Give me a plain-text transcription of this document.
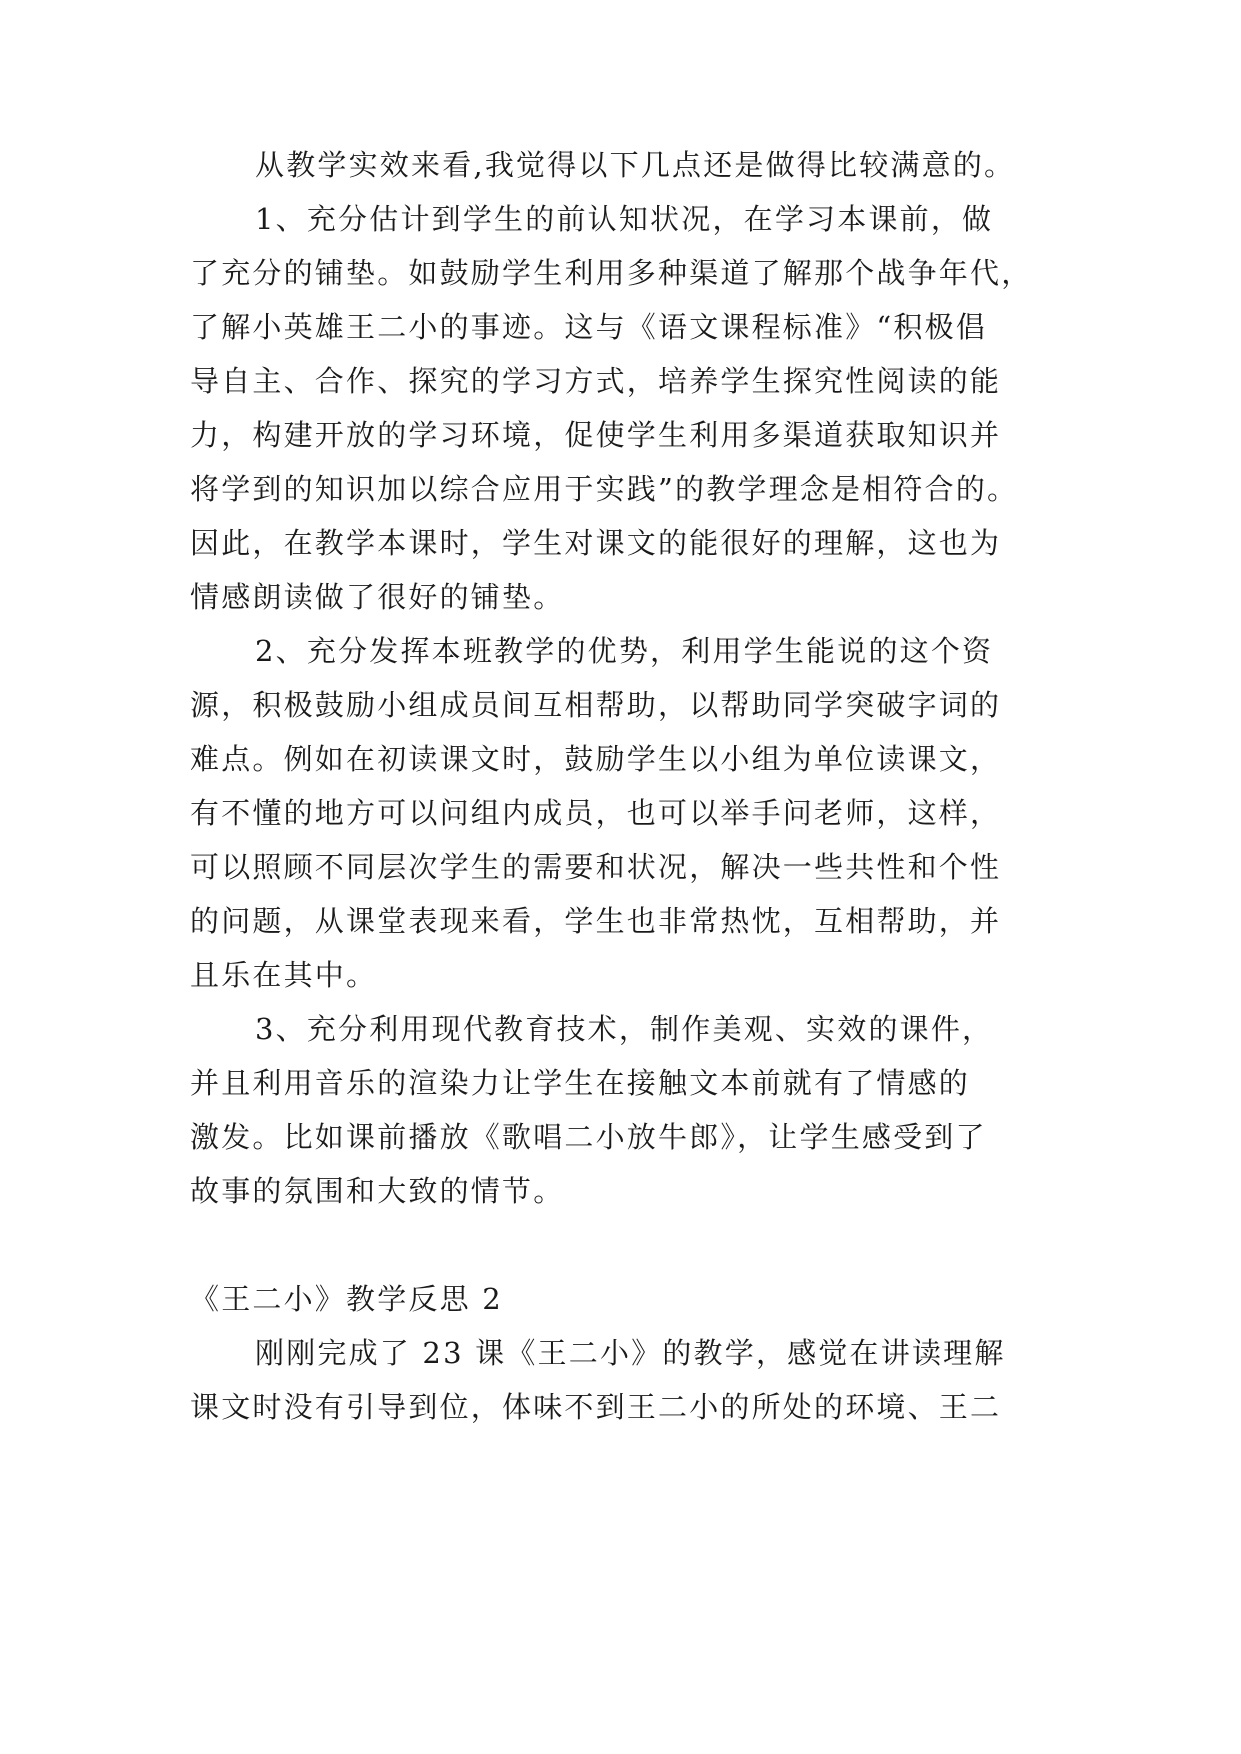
从教学实效来看,我觉得以下几点还是做得比较满意的。
1、充分估计到学生的前认知状况，在学习本课前，做
了充分的铺垫。如鼓励学生利用多种渠道了解那个战争年代，
了解小英雄王二小的事迹。这与《语文课程标准》“积极倡
导自主、合作、探究的学习方式，培养学生探究性阅读的能
力，构建开放的学习环境，促使学生利用多渠道获取知识并
将学到的知识加以综合应用于实践”的教学理念是相符合的。
因此，在教学本课时，学生对课文的能很好的理解，这也为
情感朗读做了很好的铺垫。
2、充分发挥本班教学的优势，利用学生能说的这个资
源，积极鼓励小组成员间互相帮助，以帮助同学突破字词的
难点。例如在初读课文时，鼓励学生以小组为单位读课文，
有不懂的地方可以问组内成员，也可以举手问老师，这样，
可以照顾不同层次学生的需要和状况，解决一些共性和个性
的问题，从课堂表现来看，学生也非常热忱，互相帮助，并
且乐在其中。
3、充分利用现代教育技术，制作美观、实效的课件，
并且利用音乐的渲染力让学生在接触文本前就有了情感的
激发。比如课前播放《歌唱二小放牛郎》，让学生感受到了
故事的氛围和大致的情节。
《王二小》教学反思 2
刚刚完成了 23 课《王二小》的教学，感觉在讲读理解
课文时没有引导到位，体味不到王二小的所处的环境、王二
